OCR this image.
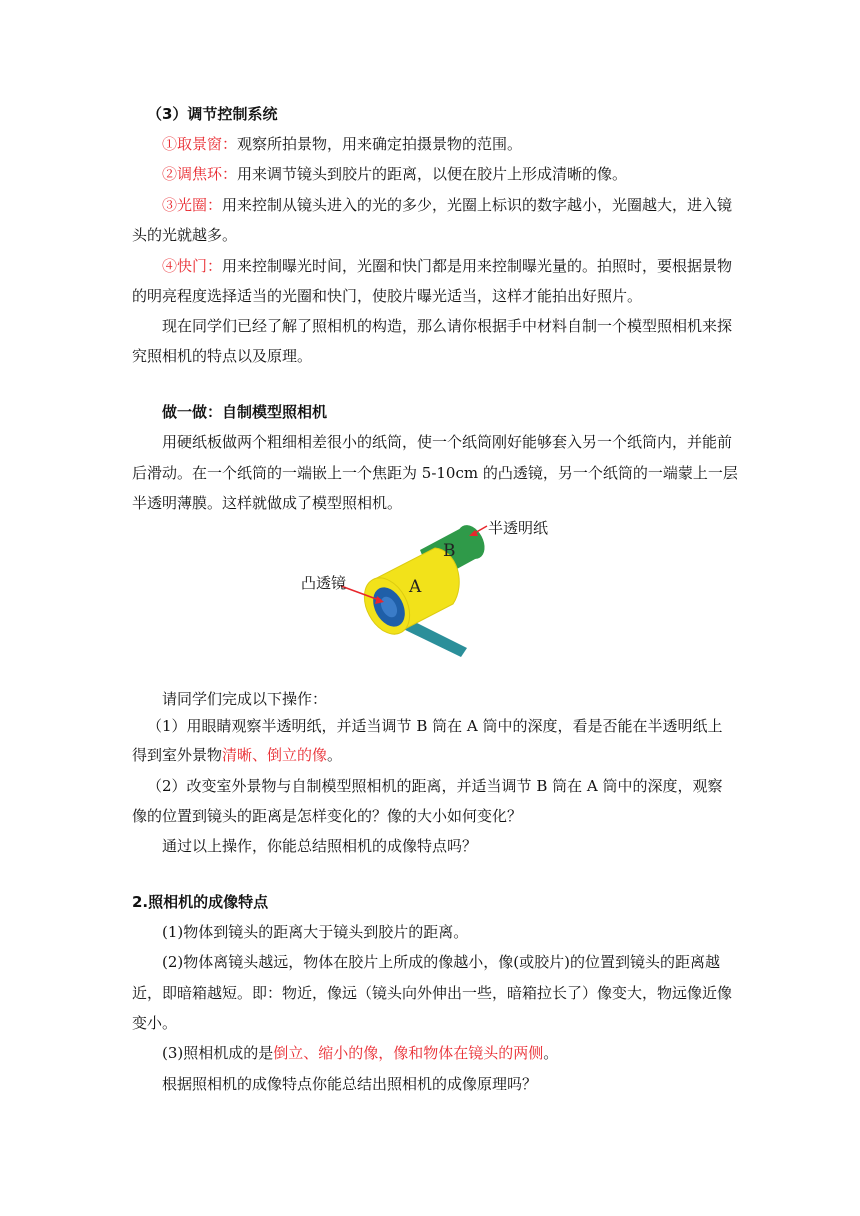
（3）调节控制系统
①取景窗：观察所拍景物，用来确定拍摄景物的范围。
②调焦环：用来调节镜头到胶片的距离，以便在胶片上形成清晰的像。
③光圈：用来控制从镜头进入的光的多少，光圈上标识的数字越小，光圈越大，进入镜
头的光就越多。
④快门：用来控制曝光时间，光圈和快门都是用来控制曝光量的。拍照时，要根据景物
的明亮程度选择适当的光圈和快门，使胶片曝光适当，这样才能拍出好照片。
现在同学们已经了解了照相机的构造，那么请你根据手中材料自制一个模型照相机来探
究照相机的特点以及原理。
做一做：自制模型照相机
用硬纸板做两个粗细相差很小的纸筒，使一个纸筒刚好能够套入另一个纸筒内，并能前
后滑动。在一个纸筒的一端嵌上一个焦距为 5-10cm 的凸透镜，另一个纸筒的一端蒙上一层
半透明薄膜。这样就做成了模型照相机。
B
A
半透明纸
凸透镜
请同学们完成以下操作：
（1）用眼睛观察半透明纸，并适当调节 B 筒在 A 筒中的深度，看是否能在半透明纸上
得到室外景物清晰、倒立的像。
（2）改变室外景物与自制模型照相机的距离，并适当调节 B 筒在 A 筒中的深度，观察
像的位置到镜头的距离是怎样变化的？像的大小如何变化？
通过以上操作，你能总结照相机的成像特点吗？
2.照相机的成像特点
(1)物体到镜头的距离大于镜头到胶片的距离。
(2)物体离镜头越远，物体在胶片上所成的像越小，像(或胶片)的位置到镜头的距离越
近，即暗箱越短。即：物近，像远（镜头向外伸出一些，暗箱拉长了）像变大，物远像近像
变小。
(3)照相机成的是倒立、缩小的像，像和物体在镜头的两侧。
根据照相机的成像特点你能总结出照相机的成像原理吗？
